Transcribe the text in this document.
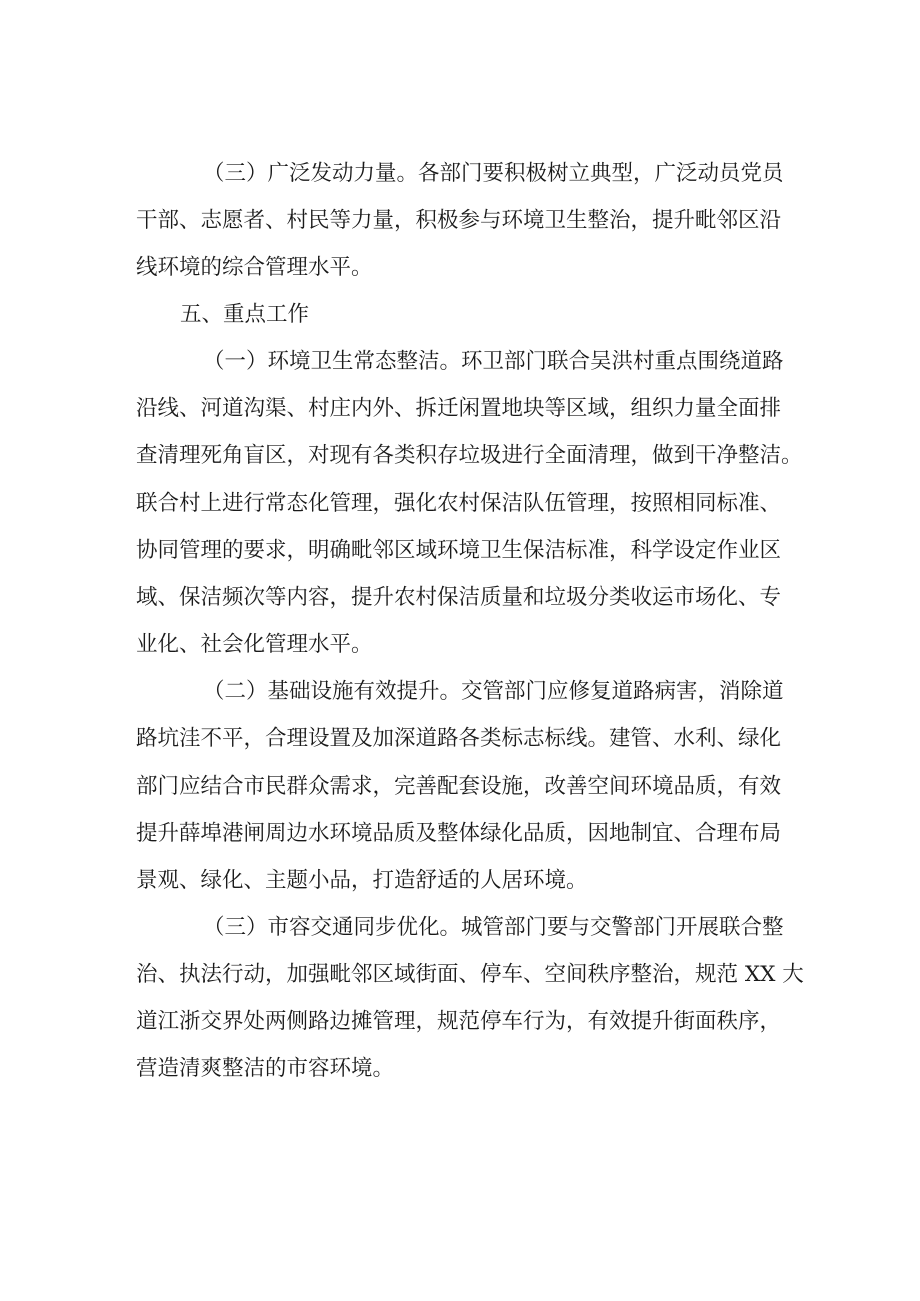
（三）广泛发动力量。各部门要积极树立典型，广泛动员党员
干部、志愿者、村民等力量，积极参与环境卫生整治，提升毗邻区沿
线环境的综合管理水平。
五、重点工作
（一）环境卫生常态整洁。环卫部门联合吴洪村重点围绕道路
沿线、河道沟渠、村庄内外、拆迁闲置地块等区域，组织力量全面排
查清理死角盲区，对现有各类积存垃圾进行全面清理，做到干净整洁。
联合村上进行常态化管理，强化农村保洁队伍管理，按照相同标准、
协同管理的要求，明确毗邻区域环境卫生保洁标准，科学设定作业区
域、保洁频次等内容，提升农村保洁质量和垃圾分类收运市场化、专
业化、社会化管理水平。
（二）基础设施有效提升。交管部门应修复道路病害，消除道
路坑洼不平，合理设置及加深道路各类标志标线。建管、水利、绿化
部门应结合市民群众需求，完善配套设施，改善空间环境品质，有效
提升薛埠港闸周边水环境品质及整体绿化品质，因地制宜、合理布局
景观、绿化、主题小品，打造舒适的人居环境。
（三）市容交通同步优化。城管部门要与交警部门开展联合整
治、执法行动，加强毗邻区域街面、停车、空间秩序整治，规范 XX 大
道江浙交界处两侧路边摊管理，规范停车行为，有效提升街面秩序，
营造清爽整洁的市容环境。
